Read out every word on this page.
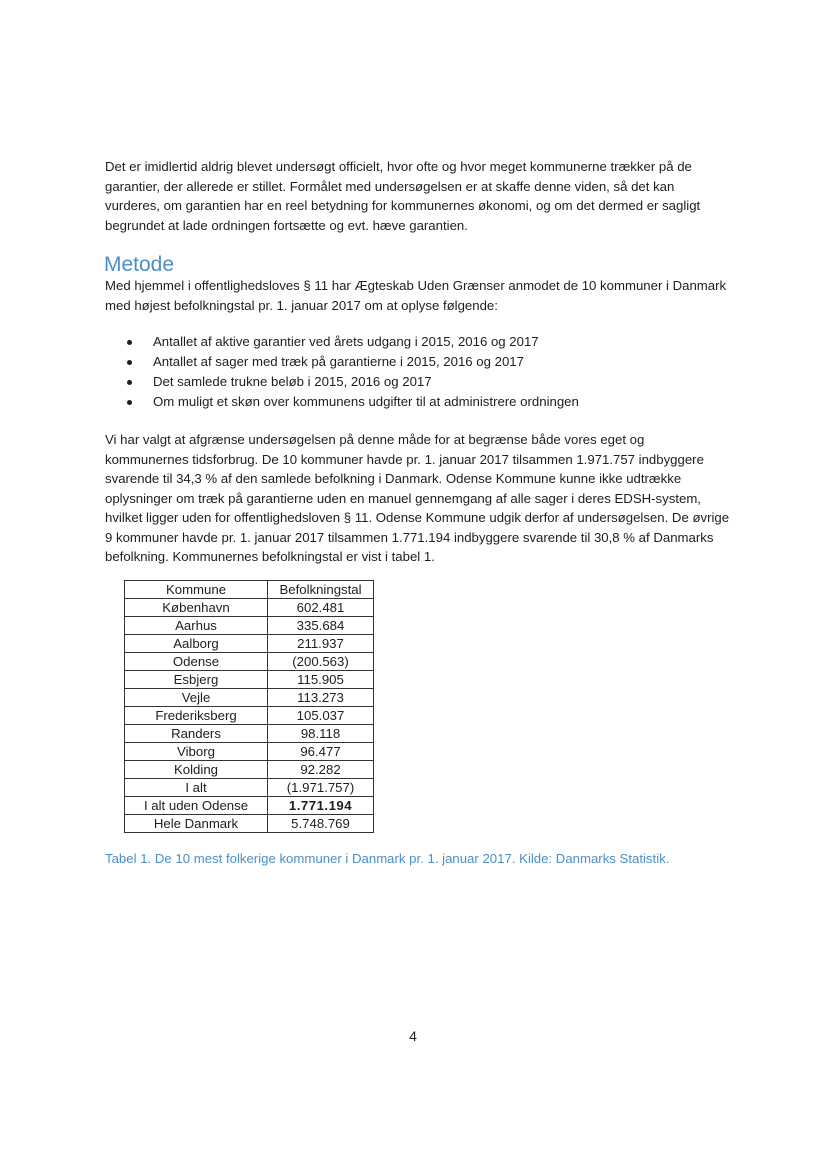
Det er imidlertid aldrig blevet undersøgt officielt, hvor ofte og hvor meget kommunerne trækker på de garantier, der allerede er stillet. Formålet med undersøgelsen er at skaffe denne viden, så det kan vurderes, om garantien har en reel betydning for kommunernes økonomi, og om det dermed er sagligt begrundet at lade ordningen fortsætte og evt. hæve garantien.

Metode

Med hjemmel i offentlighedsloves § 11 har Ægteskab Uden Grænser anmodet de 10 kommuner i Danmark med højest befolkningstal pr. 1. januar 2017 om at oplyse følgende:

Antallet af aktive garantier ved årets udgang i 2015, 2016 og 2017
Antallet af sager med træk på garantierne i 2015, 2016 og 2017
Det samlede trukne beløb i 2015, 2016 og 2017
Om muligt et skøn over kommunens udgifter til at administrere ordningen

Vi har valgt at afgrænse undersøgelsen på denne måde for at begrænse både vores eget og kommunernes tidsforbrug. De 10 kommuner havde pr. 1. januar 2017 tilsammen 1.971.757 indbyggere svarende til 34,3 % af den samlede befolkning i Danmark. Odense Kommune kunne ikke udtrække oplysninger om træk på garantierne uden en manuel gennemgang af alle sager i deres EDSH-system, hvilket ligger uden for offentlighedsloven § 11. Odense Kommune udgik derfor af undersøgelsen. De øvrige 9 kommuner havde pr. 1. januar 2017 tilsammen 1.771.194 indbyggere svarende til 30,8 % af Danmarks befolkning. Kommunernes befolkningstal er vist i tabel 1.

Kommune	Befolkningstal
København	602.481
Aarhus	335.684
Aalborg	211.937
Odense	(200.563)
Esbjerg	115.905
Vejle	113.273
Frederiksberg	105.037
Randers	98.118
Viborg	96.477
Kolding	92.282
I alt	(1.971.757)
I alt uden Odense	1.771.194
Hele Danmark	5.748.769

Tabel 1. De 10 mest folkerige kommuner i Danmark pr. 1. januar 2017. Kilde: Danmarks Statistik.

4
